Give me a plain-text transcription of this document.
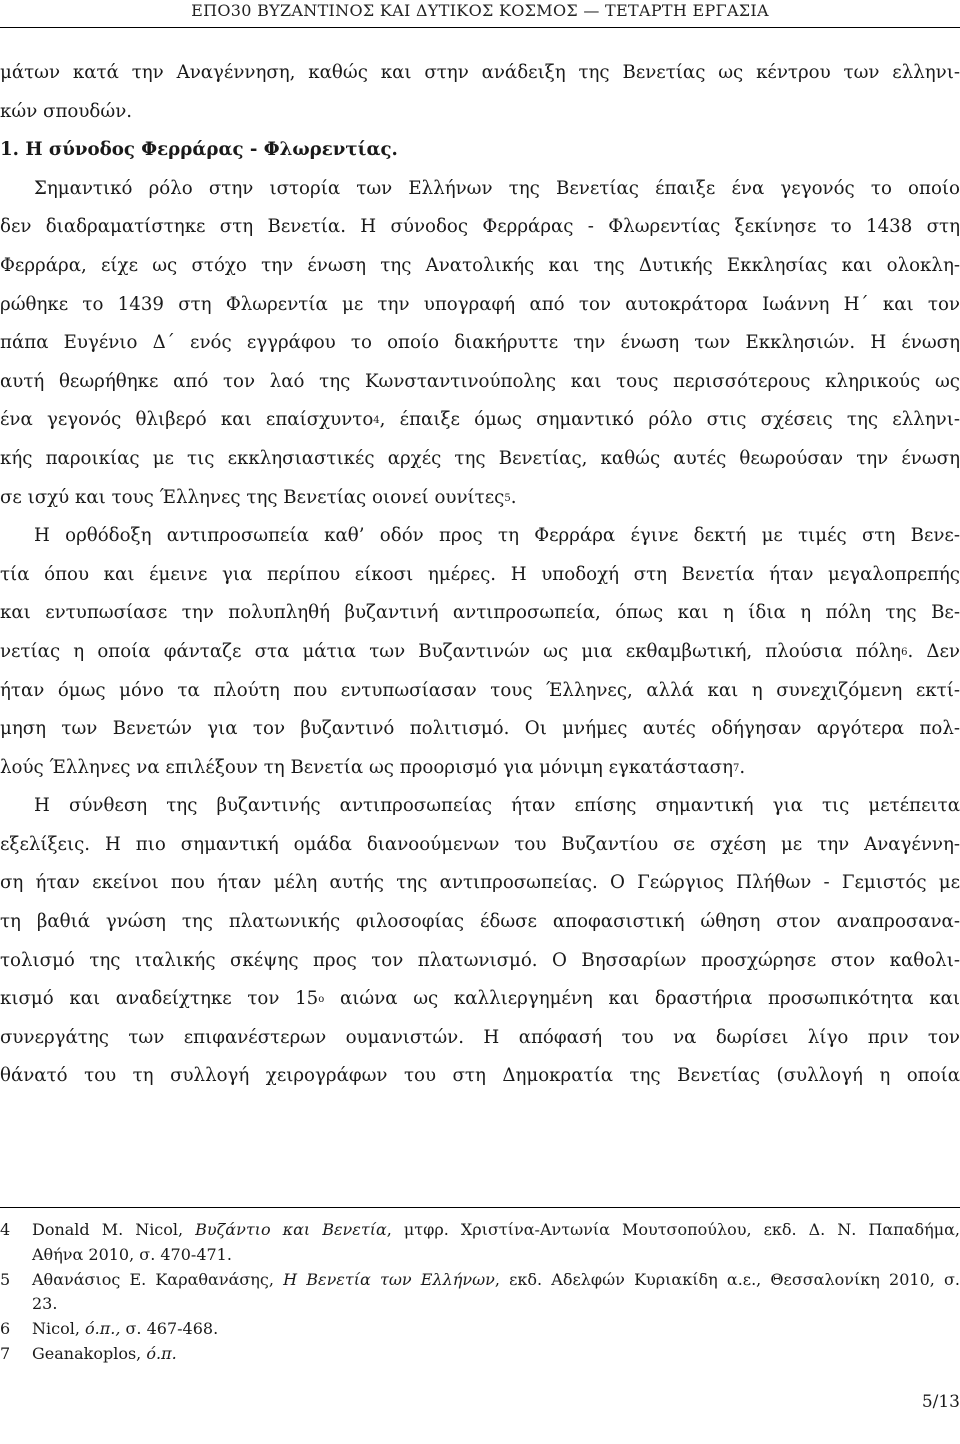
ΕΠΟ30 ΒΥΖΑΝΤΙΝΟΣ ΚΑΙ ΔΥΤΙΚΟΣ ΚΟΣΜΟΣ — ΤΕΤΑΡΤΗ ΕΡΓΑΣΙΑ
μάτων κατά την Αναγέννηση, καθώς και στην ανάδειξη της Βενετίας ως κέντρου των ελληνι-
κών σπουδών.
1. Η σύνοδος Φερράρας - Φλωρεντίας.
Σημαντικό ρόλο στην ιστορία των Ελλήνων της Βενετίας έπαιξε ένα γεγονός το οποίο
δεν διαδραματίστηκε στη Βενετία. Η σύνοδος Φερράρας - Φλωρεντίας ξεκίνησε το 1438 στη
Φερράρα, είχε ως στόχο την ένωση της Ανατολικής και της Δυτικής Εκκλησίας και ολοκλη-
ρώθηκε το 1439 στη Φλωρεντία με την υπογραφή από τον αυτοκράτορα Ιωάννη Η΄ και τον
πάπα Ευγένιο Δ΄ ενός εγγράφου το οποίο διακήρυττε την ένωση των Εκκλησιών. Η ένωση
αυτή θεωρήθηκε από τον λαό της Κωνσταντινούπολης και τους περισσότερους κληρικούς ως
ένα γεγονός θλιβερό και επαίσχυντο$^4$, έπαιξε όμως σημαντικό ρόλο στις σχέσεις της ελληνι-
κής παροικίας με τις εκκλησιαστικές αρχές της Βενετίας, καθώς αυτές θεωρούσαν την ένωση
σε ισχύ και τους Έλληνες της Βενετίας οιονεί ουνίτες$^5$.
Η ορθόδοξη αντιπροσωπεία καθ’ οδόν προς τη Φερράρα έγινε δεκτή με τιμές στη Βενε-
τία όπου και έμεινε για περίπου είκοσι ημέρες. Η υποδοχή στη Βενετία ήταν μεγαλοπρεπής
και εντυπωσίασε την πολυπληθή βυζαντινή αντιπροσωπεία, όπως και η ίδια η πόλη της Βε-
νετίας η οποία φάνταζε στα μάτια των Βυζαντινών ως μια εκθαμβωτική, πλούσια πόλη$^6$. Δεν
ήταν όμως μόνο τα πλούτη που εντυπωσίασαν τους Έλληνες, αλλά και η συνεχιζόμενη εκτί-
μηση των Βενετών για τον βυζαντινό πολιτισμό. Οι μνήμες αυτές οδήγησαν αργότερα πολ-
λούς Έλληνες να επιλέξουν τη Βενετία ως προορισμό για μόνιμη εγκατάσταση$^7$.
Η σύνθεση της βυζαντινής αντιπροσωπείας ήταν επίσης σημαντική για τις μετέπειτα
εξελίξεις. Η πιο σημαντική ομάδα διανοούμενων του Βυζαντίου σε σχέση με την Αναγέννη-
ση ήταν εκείνοι που ήταν μέλη αυτής της αντιπροσωπείας. Ο Γεώργιος Πλήθων - Γεμιστός με
τη βαθιά γνώση της πλατωνικής φιλοσοφίας έδωσε αποφασιστική ώθηση στον αναπροσανα-
τολισμό της ιταλικής σκέψης προς τον πλατωνισμό. Ο Βησσαρίων προσχώρησε στον καθολι-
κισμό και αναδείχτηκε τον $15^o$ αιώνα ως καλλιεργημένη και δραστήρια προσωπικότητα και
συνεργάτης των επιφανέστερων ουμανιστών. Η απόφασή του να δωρίσει λίγο πριν τον
θάνατό του τη συλλογή χειρογράφων του στη Δημοκρατία της Βενετίας (συλλογή η οποία
4 Donald M. Nicol, Βυζάντιο και Βενετία, μτφρ. Χριστίνα-Αντωνία Μουτσοπούλου, εκδ. Δ. Ν. Παπαδήμα,
Αθήνα 2010, σ. 470-471.
5 Αθανάσιος Ε. Καραθανάσης, Η Βενετία των Ελλήνων, εκδ. Αδελφών Κυριακίδη α.ε., Θεσσαλονίκη 2010, σ.
23.
6 Nicol, ό.π., σ. 467-468.
7 Geanakoplos, ό.π.
5/13
